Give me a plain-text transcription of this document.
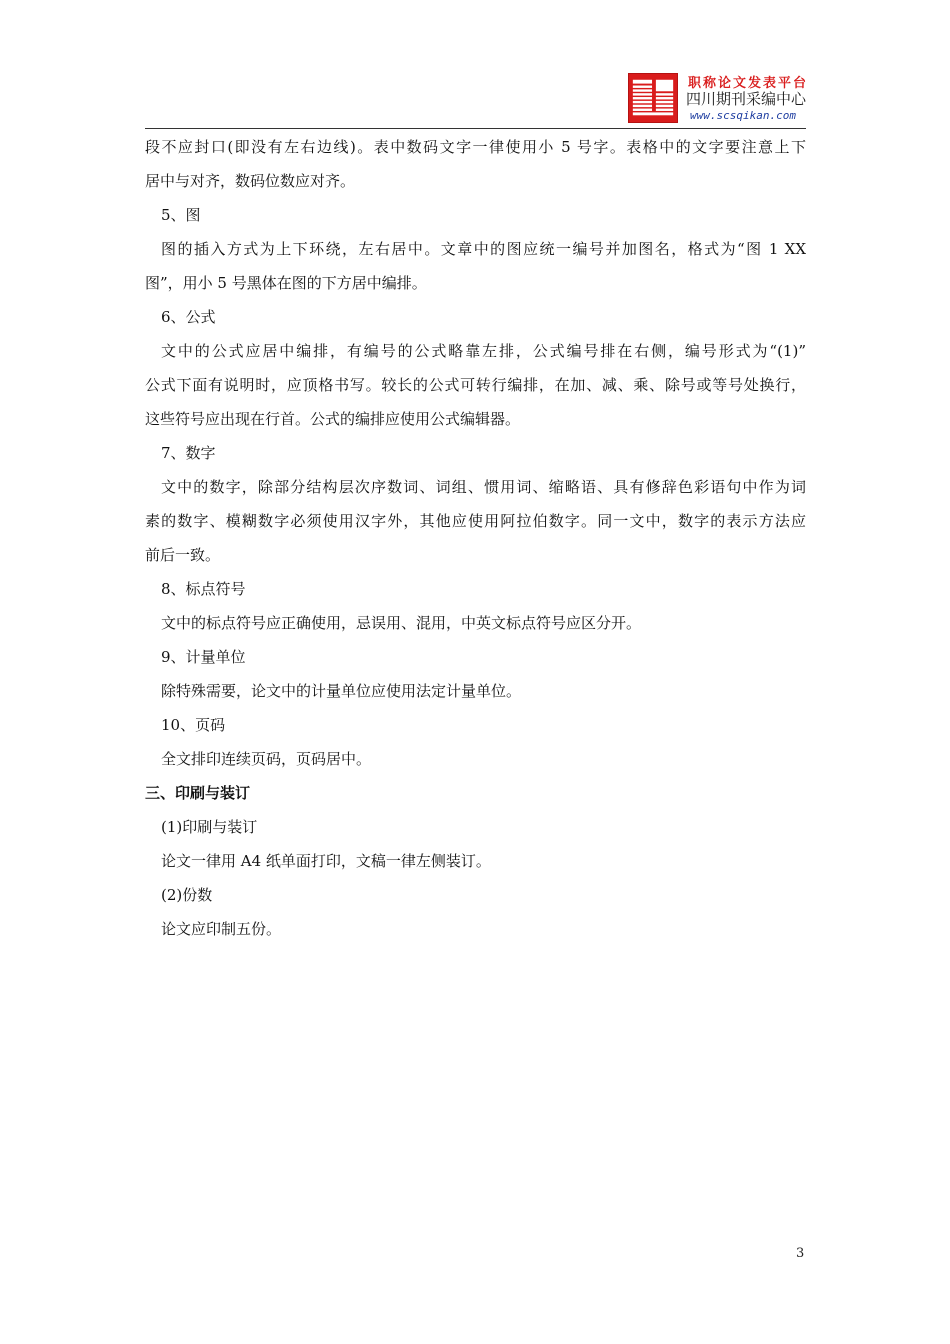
职称论文发表平台
四川期刊采编中心
www.scsqikan.com
段不应封口(即没有左右边线)。表中数码文字一律使用小 5 号字。表格中的文字要注意上下
居中与对齐，数码位数应对齐。
5、图
图的插入方式为上下环绕，左右居中。文章中的图应统一编号并加图名，格式为“图 1 XX
图”，用小 5 号黑体在图的下方居中编排。
6、公式
文中的公式应居中编排，有编号的公式略靠左排，公式编号排在右侧，编号形式为“(1)”
公式下面有说明时，应顶格书写。较长的公式可转行编排，在加、减、乘、除号或等号处换行，
这些符号应出现在行首。公式的编排应使用公式编辑器。
7、数字
文中的数字，除部分结构层次序数词、词组、惯用词、缩略语、具有修辞色彩语句中作为词
素的数字、模糊数字必须使用汉字外，其他应使用阿拉伯数字。同一文中，数字的表示方法应
前后一致。
8、标点符号
文中的标点符号应正确使用，忌误用、混用，中英文标点符号应区分开。
9、计量单位
除特殊需要，论文中的计量单位应使用法定计量单位。
10、页码
全文排印连续页码，页码居中。
三、印刷与装订
(1)印刷与装订
论文一律用 A4 纸单面打印，文稿一律左侧装订。
(2)份数
论文应印制五份。
3
